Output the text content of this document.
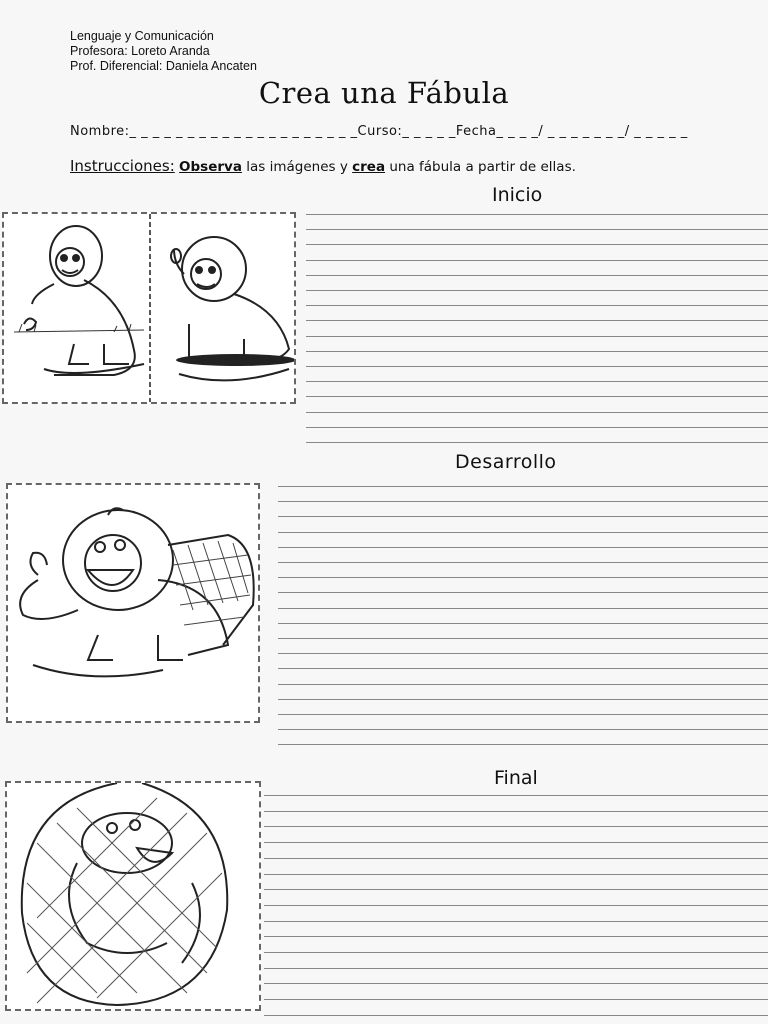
Lenguaje y Comunicación
Profesora: Loreto Aranda
Prof. Diferencial: Daniela Ancaten
Crea una Fábula
Nombre:_ _ _ _ _ _ _ _ _ _ _ _ _ _ _ _ _ _ _ _Curso:_ _ _ _ _Fecha_ _ _ _/ _ _ _ _ _ _ _/ _ _ _ _ _
Instrucciones: Observa las imágenes y crea una fábula a partir de ellas.
Inicio
Desarrollo
Final
